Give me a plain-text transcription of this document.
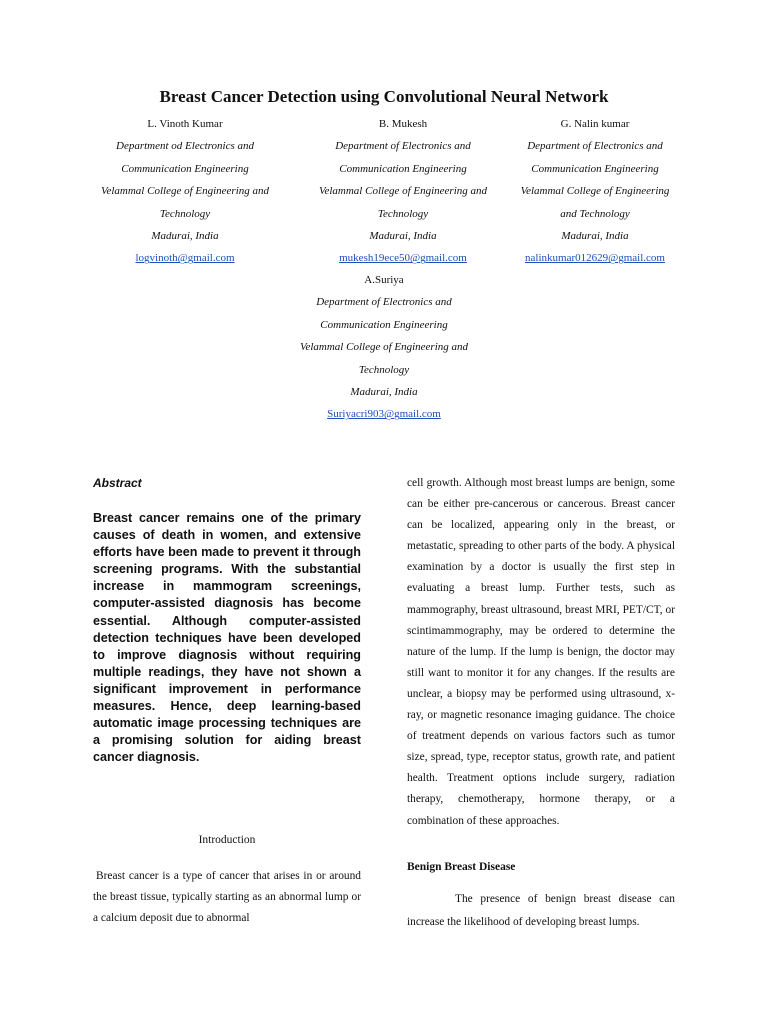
Breast Cancer Detection using Convolutional Neural Network
L. Vinoth Kumar
Department od Electronics and
Communication Engineering
Velammal College of Engineering and
Technology
Madurai, India
logvinoth@gmail.com
B. Mukesh
Department of Electronics and
Communication Engineering
Velammal College of Engineering and
Technology
Madurai, India
mukesh19ece50@gmail.com
G. Nalin kumar
Department of Electronics and
Communication Engineering
Velammal College of Engineering
and Technology
Madurai, India
nalinkumar012629@gmail.com
A.Suriya
Department of Electronics and
Communication Engineering
Velammal College of Engineering and
Technology
Madurai, India
Suriyacri903@gmail.com
Abstract
Breast cancer remains one of the primary causes of death in women, and extensive efforts have been made to prevent it through screening programs. With the substantial increase in mammogram screenings, computer-assisted diagnosis has become essential. Although computer-assisted detection techniques have been developed to improve diagnosis without requiring multiple readings, they have not shown a significant improvement in performance measures. Hence, deep learning-based automatic image processing techniques are a promising solution for aiding breast cancer diagnosis.
Introduction
Breast cancer is a type of cancer that arises in or around the breast tissue, typically starting as an abnormal lump or a calcium deposit due to abnormal
cell growth. Although most breast lumps are benign, some can be either pre-cancerous or cancerous. Breast cancer can be localized, appearing only in the breast, or metastatic, spreading to other parts of the body. A physical examination by a doctor is usually the first step in evaluating a breast lump. Further tests, such as mammography, breast ultrasound, breast MRI, PET/CT, or scintimammography, may be ordered to determine the nature of the lump. If the lump is benign, the doctor may still want to monitor it for any changes. If the results are unclear, a biopsy may be performed using ultrasound, x-ray, or magnetic resonance imaging guidance. The choice of treatment depends on various factors such as tumor size, spread, type, receptor status, growth rate, and patient health. Treatment options include surgery, radiation therapy, chemotherapy, hormone therapy, or a combination of these approaches.
Benign Breast Disease
The presence of benign breast disease can increase the likelihood of developing breast lumps.
